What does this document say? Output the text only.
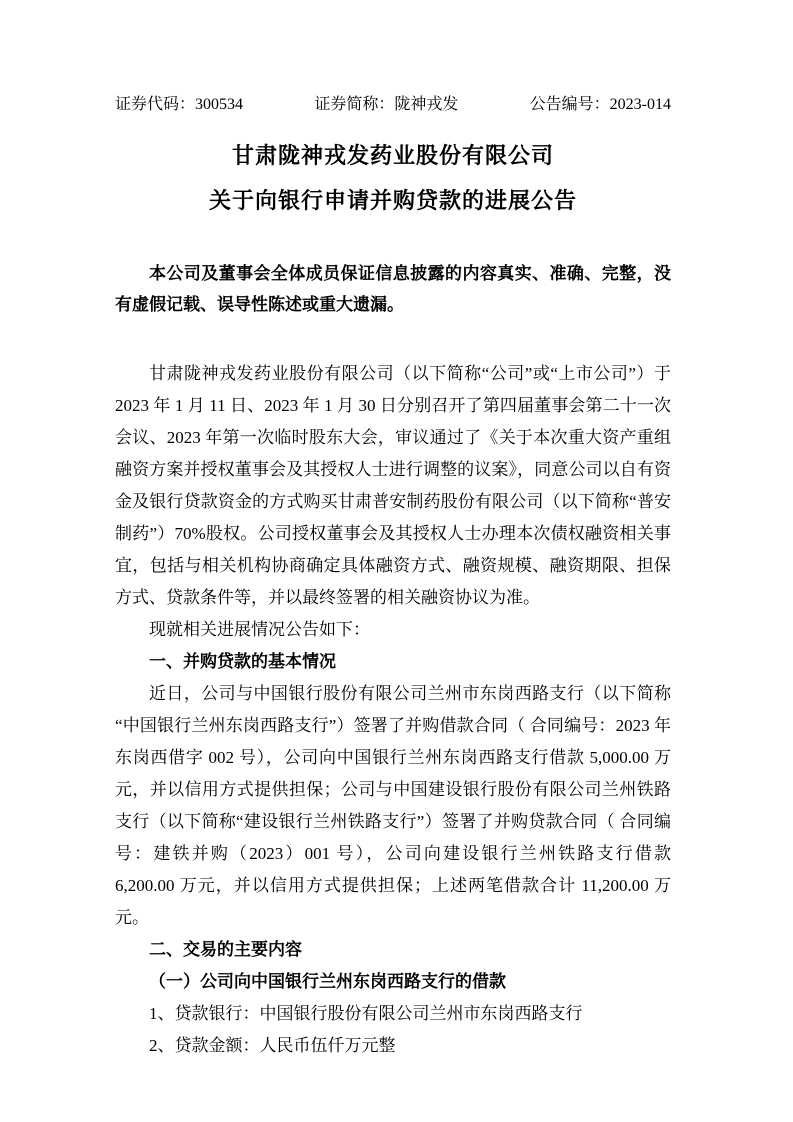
证券代码：300534	证券简称：陇神戎发	公告编号：2023-014
甘肃陇神戎发药业股份有限公司
关于向银行申请并购贷款的进展公告

本公司及董事会全体成员保证信息披露的内容真实、准确、完整，没有虚假记载、误导性陈述或重大遗漏。

甘肃陇神戎发药业股份有限公司（以下简称“公司”或“上市公司”）于 2023 年 1 月 11 日、2023 年 1 月 30 日分别召开了第四届董事会第二十一次会议、2023 年第一次临时股东大会，审议通过了《关于本次重大资产重组融资方案并授权董事会及其授权人士进行调整的议案》，同意公司以自有资金及银行贷款资金的方式购买甘肃普安制药股份有限公司（以下简称“普安制药”）70%股权。公司授权董事会及其授权人士办理本次债权融资相关事宜，包括与相关机构协商确定具体融资方式、融资规模、融资期限、担保方式、贷款条件等，并以最终签署的相关融资协议为准。

现就相关进展情况公告如下：

一、并购贷款的基本情况

近日，公司与中国银行股份有限公司兰州市东岗西路支行（以下简称“中国银行兰州东岗西路支行”）签署了并购借款合同（ 合同编号：2023 年东岗西借字 002 号），公司向中国银行兰州东岗西路支行借款 5,000.00 万元，并以信用方式提供担保；公司与中国建设银行股份有限公司兰州铁路支行（以下简称“建设银行兰州铁路支行”）签署了并购贷款合同（ 合同编号：建铁并购（2023）001 号），公司向建设银行兰州铁路支行借款 6,200.00 万元，并以信用方式提供担保；上述两笔借款合计 11,200.00 万元。

二、交易的主要内容

（一）公司向中国银行兰州东岗西路支行的借款

1、贷款银行：中国银行股份有限公司兰州市东岗西路支行

2、贷款金额：人民币伍仟万元整
